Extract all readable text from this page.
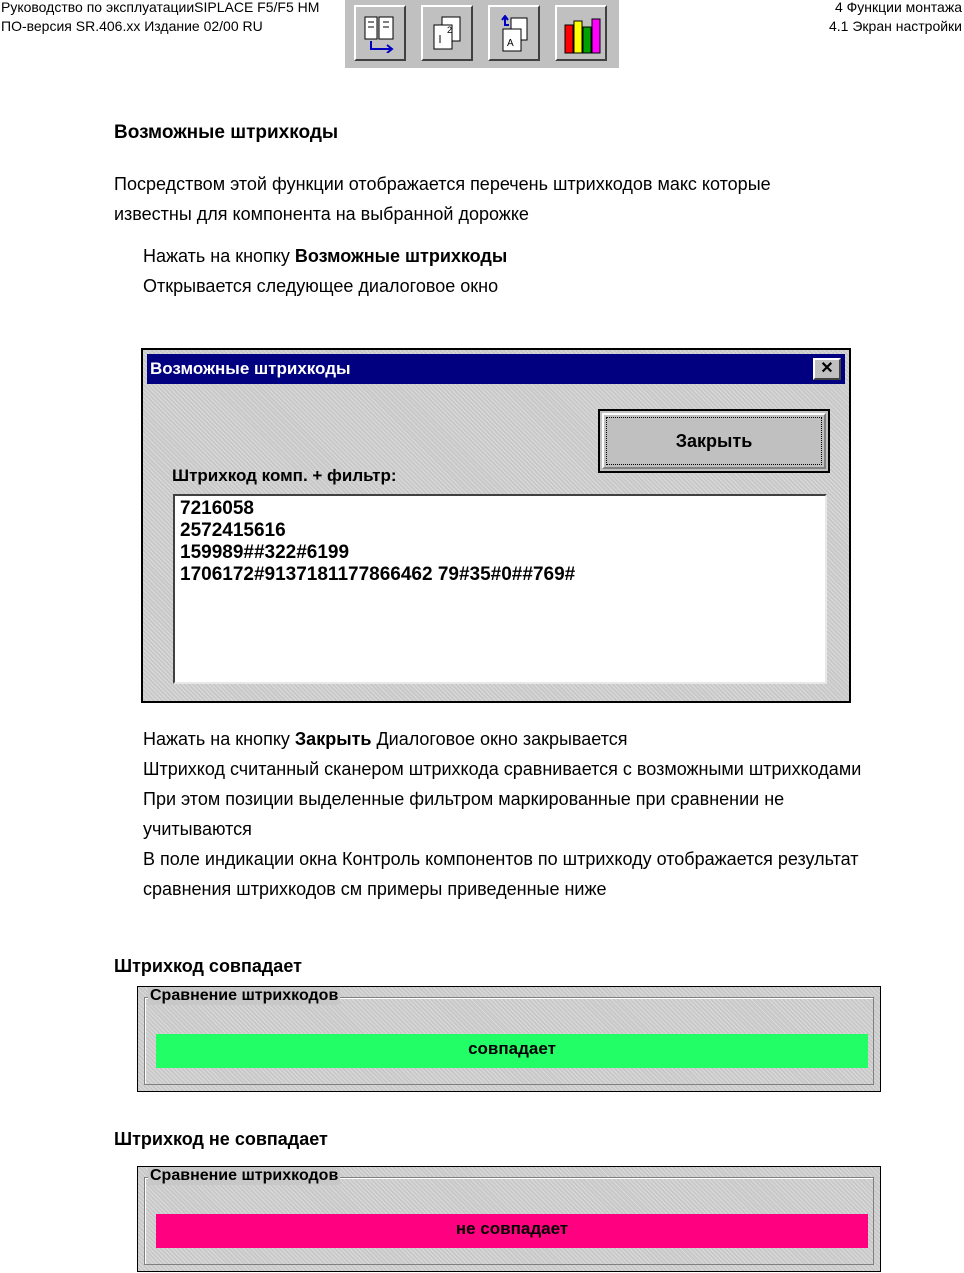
Руководство по эксплуатацииSIPLACE F5/F5 HM
ПО-версия SR.406.xx Издание 02/00 RU
4 Функции монтажа
4.1 Экран настройки
2
A
Возможные штрихкоды
Посредством этой функции отображается перечень штрихкодов макс которые
известны для компонента на выбранной дорожке
Нажать на кнопку Возможные штрихкоды
Открывается следующее диалоговое окно
Возможные штрихкоды	✕
Закрыть
Штрихкод комп. + фильтр:
7216058
2572415616
159989##322#6199
1706172#9137181177866462 79#35#0##769#
Нажать на кнопку Закрыть Диалоговое окно закрывается
Штрихкод считанный сканером штрихкода сравнивается с возможными штрихкодами
При этом позиции выделенные фильтром маркированные при сравнении не
учитываются
В поле индикации окна Контроль компонентов по штрихкоду отображается результат
сравнения штрихкодов см примеры приведенные ниже
Штрихкод совпадает
Сравнение штрихкодов
совпадает
Штрихкод не совпадает
Сравнение штрихкодов
не совпадает
